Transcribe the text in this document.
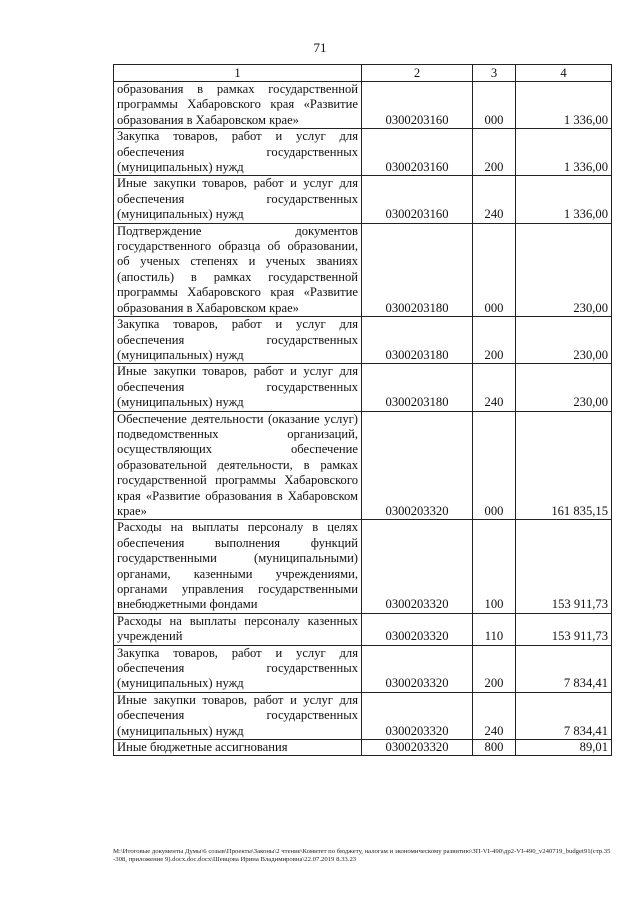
71
1	2	3	4
образования в рамках государственной программы Хабаровского края «Развитие образования в Хабаровском крае»	0300203160	000	1 336,00
Закупка товаров, работ и услуг для обеспечения государственных (муниципальных) нужд	0300203160	200	1 336,00
Иные закупки товаров, работ и услуг для обеспечения государственных (муниципальных) нужд	0300203160	240	1 336,00
Подтверждение документов государственного образца об образовании, об ученых степенях и ученых званиях (апостиль) в рамках государственной программы Хабаровского края «Развитие образования в Хабаровском крае»	0300203180	000	230,00
Закупка товаров, работ и услуг для обеспечения государственных (муниципальных) нужд	0300203180	200	230,00
Иные закупки товаров, работ и услуг для обеспечения государственных (муниципальных) нужд	0300203180	240	230,00
Обеспечение деятельности (оказание услуг) подведомственных организаций, осуществляющих обеспечение образовательной деятельности, в рамках государственной программы Хабаровского края «Развитие образования в Хабаровском крае»	0300203320	000	161 835,15
Расходы на выплаты персоналу в целях обеспечения выполнения функций государственными (муниципальными) органами, казенными учреждениями, органами управления государственными внебюджетными фондами	0300203320	100	153 911,73
Расходы на выплаты персоналу казенных учреждений	0300203320	110	153 911,73
Закупка товаров, работ и услуг для обеспечения государственных (муниципальных) нужд	0300203320	200	7 834,41
Иные закупки товаров, работ и услуг для обеспечения государственных (муниципальных) нужд	0300203320	240	7 834,41
Иные бюджетные ассигнования	0300203320	800	89,01
M:\Итоговые документы Думы\6 созыв\Проекты\Законы\2 чтение\Комитет по бюджету, налогам и экономическому развитию\ЗП-VI-490\др2-VI-490_v240719_budget91(стр.35-308, приложение 9).docx.doc.docx\Шевцова Ирина Владимировна\22.07.2019 8.33.23
